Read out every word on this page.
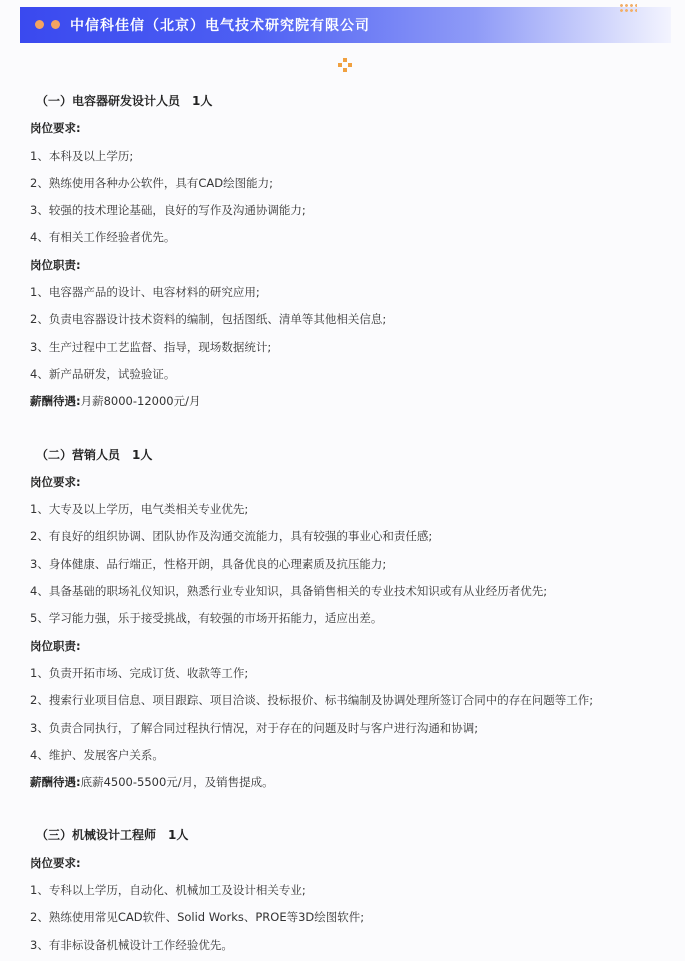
中信科佳信（北京）电气技术研究院有限公司
（一）电容器研发设计人员　1人
岗位要求:
1、本科及以上学历;
2、熟练使用各种办公软件，具有CAD绘图能力;
3、较强的技术理论基础，良好的写作及沟通协调能力;
4、有相关工作经验者优先。
岗位职责:
1、电容器产品的设计、电容材料的研究应用;
2、负责电容器设计技术资料的编制，包括图纸、清单等其他相关信息;
3、生产过程中工艺监督、指导，现场数据统计;
4、新产品研发，试验验证。
薪酬待遇:月薪8000-12000元/月
（二）营销人员　1人
岗位要求:
1、大专及以上学历，电气类相关专业优先;
2、有良好的组织协调、团队协作及沟通交流能力，具有较强的事业心和责任感;
3、身体健康、品行端正，性格开朗，具备优良的心理素质及抗压能力;
4、具备基础的职场礼仪知识，熟悉行业专业知识，具备销售相关的专业技术知识或有从业经历者优先;
5、学习能力强，乐于接受挑战，有较强的市场开拓能力，适应出差。
岗位职责:
1、负责开拓市场、完成订货、收款等工作;
2、搜索行业项目信息、项目跟踪、项目洽谈、投标报价、标书编制及协调处理所签订合同中的存在问题等工作;
3、负责合同执行，了解合同过程执行情况，对于存在的问题及时与客户进行沟通和协调;
4、维护、发展客户关系。
薪酬待遇:底薪4500-5500元/月，及销售提成。
（三）机械设计工程师　1人
岗位要求:
1、专科以上学历，自动化、机械加工及设计相关专业;
2、熟练使用常见CAD软件、Solid Works、PROE等3D绘图软件;
3、有非标设备机械设计工作经验优先。
